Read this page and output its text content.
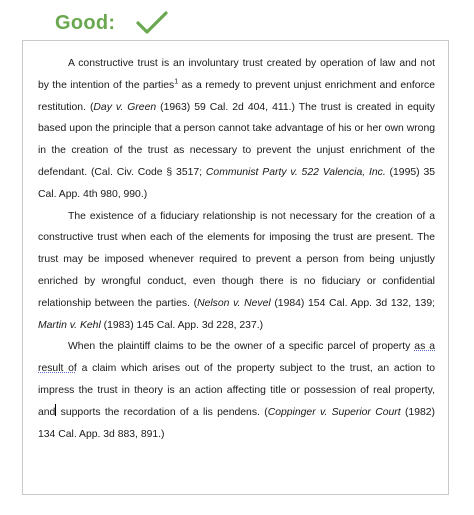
Good:

A constructive trust is an involuntary trust created by operation of law and not by the intention of the parties$^1$ as a remedy to prevent unjust enrichment and enforce restitution. (Day v. Green (1963) 59 Cal. 2d 404, 411.) The trust is created in equity based upon the principle that a person cannot take advantage of his or her own wrong in the creation of the trust as necessary to prevent the unjust enrichment of the defendant. (Cal. Civ. Code § 3517; Communist Party v. 522 Valencia, Inc. (1995) 35 Cal. App. 4th 980, 990.)

The existence of a fiduciary relationship is not necessary for the creation of a constructive trust when each of the elements for imposing the trust are present. The trust may be imposed whenever required to prevent a person from being unjustly enriched by wrongful conduct, even though there is no fiduciary or confidential relationship between the parties. (Nelson v. Nevel (1984) 154 Cal. App. 3d 132, 139; Martin v. Kehl (1983) 145 Cal. App. 3d 228, 237.)

When the plaintiff claims to be the owner of a specific parcel of property as a result of a claim which arises out of the property subject to the trust, an action to impress the trust in theory is an action affecting title or possession of real property, and supports the recordation of a lis pendens. (Coppinger v. Superior Court (1982) 134 Cal. App. 3d 883, 891.)
